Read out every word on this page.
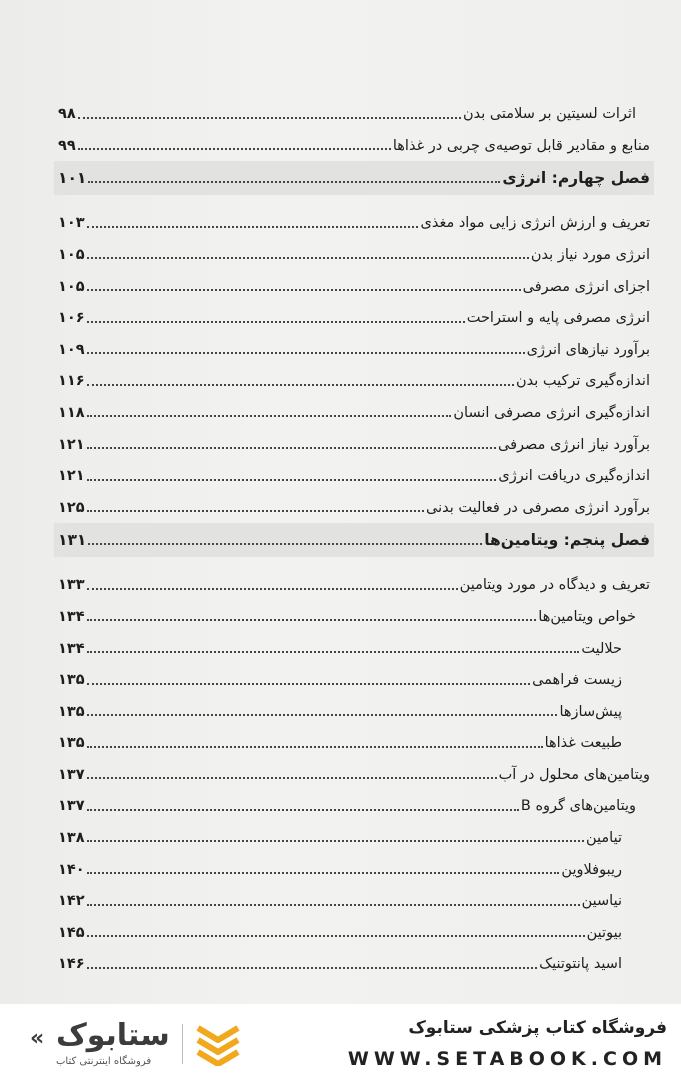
اثرات لسیتین بر سلامتی بدن
۹۸
منابع و مقادیر قابل توصیه‌ی چربی در غذاها
۹۹
فصل چهارم: انرژی
۱۰۱
تعریف و ارزش انرژی زایی مواد مغذی
۱۰۳
انرژی مورد نیاز بدن
۱۰۵
اجزای انرژی مصرفی
۱۰۵
انرژی مصرفی پایه و استراحت
۱۰۶
برآورد نیازهای انرژی
۱۰۹
اندازه‌گیری ترکیب بدن
۱۱۶
اندازه‌گیری انرژی مصرفی انسان
۱۱۸
برآورد نیاز انرژی مصرفی
۱۲۱
اندازه‌گیری دریافت انرژی
۱۲۱
برآورد انرژی مصرفی در فعالیت بدنی
۱۲۵
فصل پنجم: ویتامین‌ها
۱۳۱
تعریف و دیدگاه در مورد ویتامین
۱۳۳
خواص ویتامین‌ها
۱۳۴
حلالیت
۱۳۴
زیست فراهمی
۱۳۵
پیش‌سازها
۱۳۵
طبیعت غذاها
۱۳۵
ویتامین‌های محلول در آب
۱۳۷
ویتامین‌های گروه B
۱۳۷
تیامین
۱۳۸
ریبوفلاوین
۱۴۰
نیاسین
۱۴۲
بیوتین
۱۴۵
اسید پانتوتنیک
۱۴۶
« ستابوک
فروشگاه اینترنتی کتاب
فروشگاه کتاب پزشکی ستابوک
WWW.SETABOOK.COM
